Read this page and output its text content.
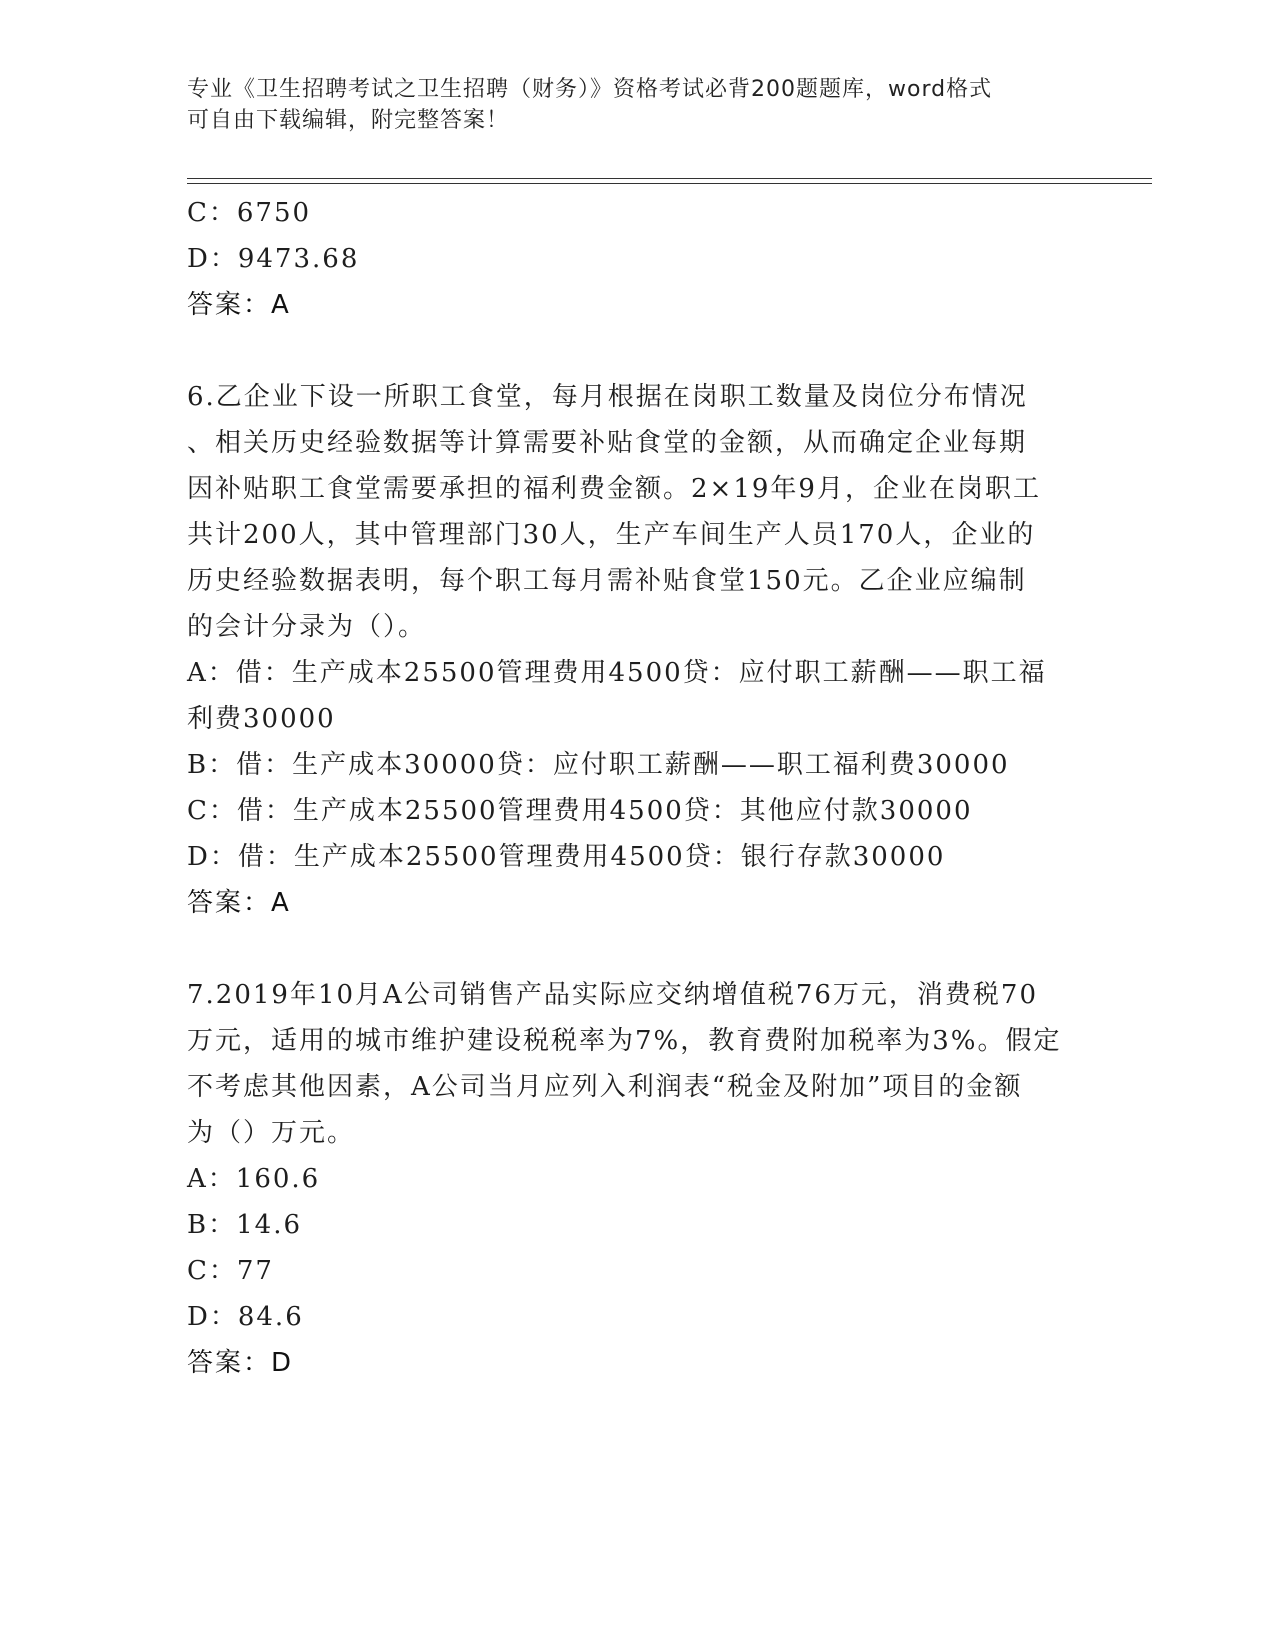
专业《卫生招聘考试之卫生招聘（财务）》资格考试必背200题题库，word格式
可自由下载编辑，附完整答案！
C：6750
D：9473.68
答案：A
6.乙企业下设一所职工食堂，每月根据在岗职工数量及岗位分布情况
、相关历史经验数据等计算需要补贴食堂的金额，从而确定企业每期
因补贴职工食堂需要承担的福利费金额。2×19年9月，企业在岗职工
共计200人，其中管理部门30人，生产车间生产人员170人，企业的
历史经验数据表明，每个职工每月需补贴食堂150元。乙企业应编制
的会计分录为（）。
A：借：生产成本25500管理费用4500贷：应付职工薪酬——职工福
利费30000
B：借：生产成本30000贷：应付职工薪酬——职工福利费30000
C：借：生产成本25500管理费用4500贷：其他应付款30000
D：借：生产成本25500管理费用4500贷：银行存款30000
答案：A
7.2019年10月A公司销售产品实际应交纳增值税76万元，消费税70
万元，适用的城市维护建设税税率为7%，教育费附加税率为3%。假定
不考虑其他因素，A公司当月应列入利润表“税金及附加”项目的金额
为（）万元。
A：160.6
B：14.6
C：77
D：84.6
答案：D
